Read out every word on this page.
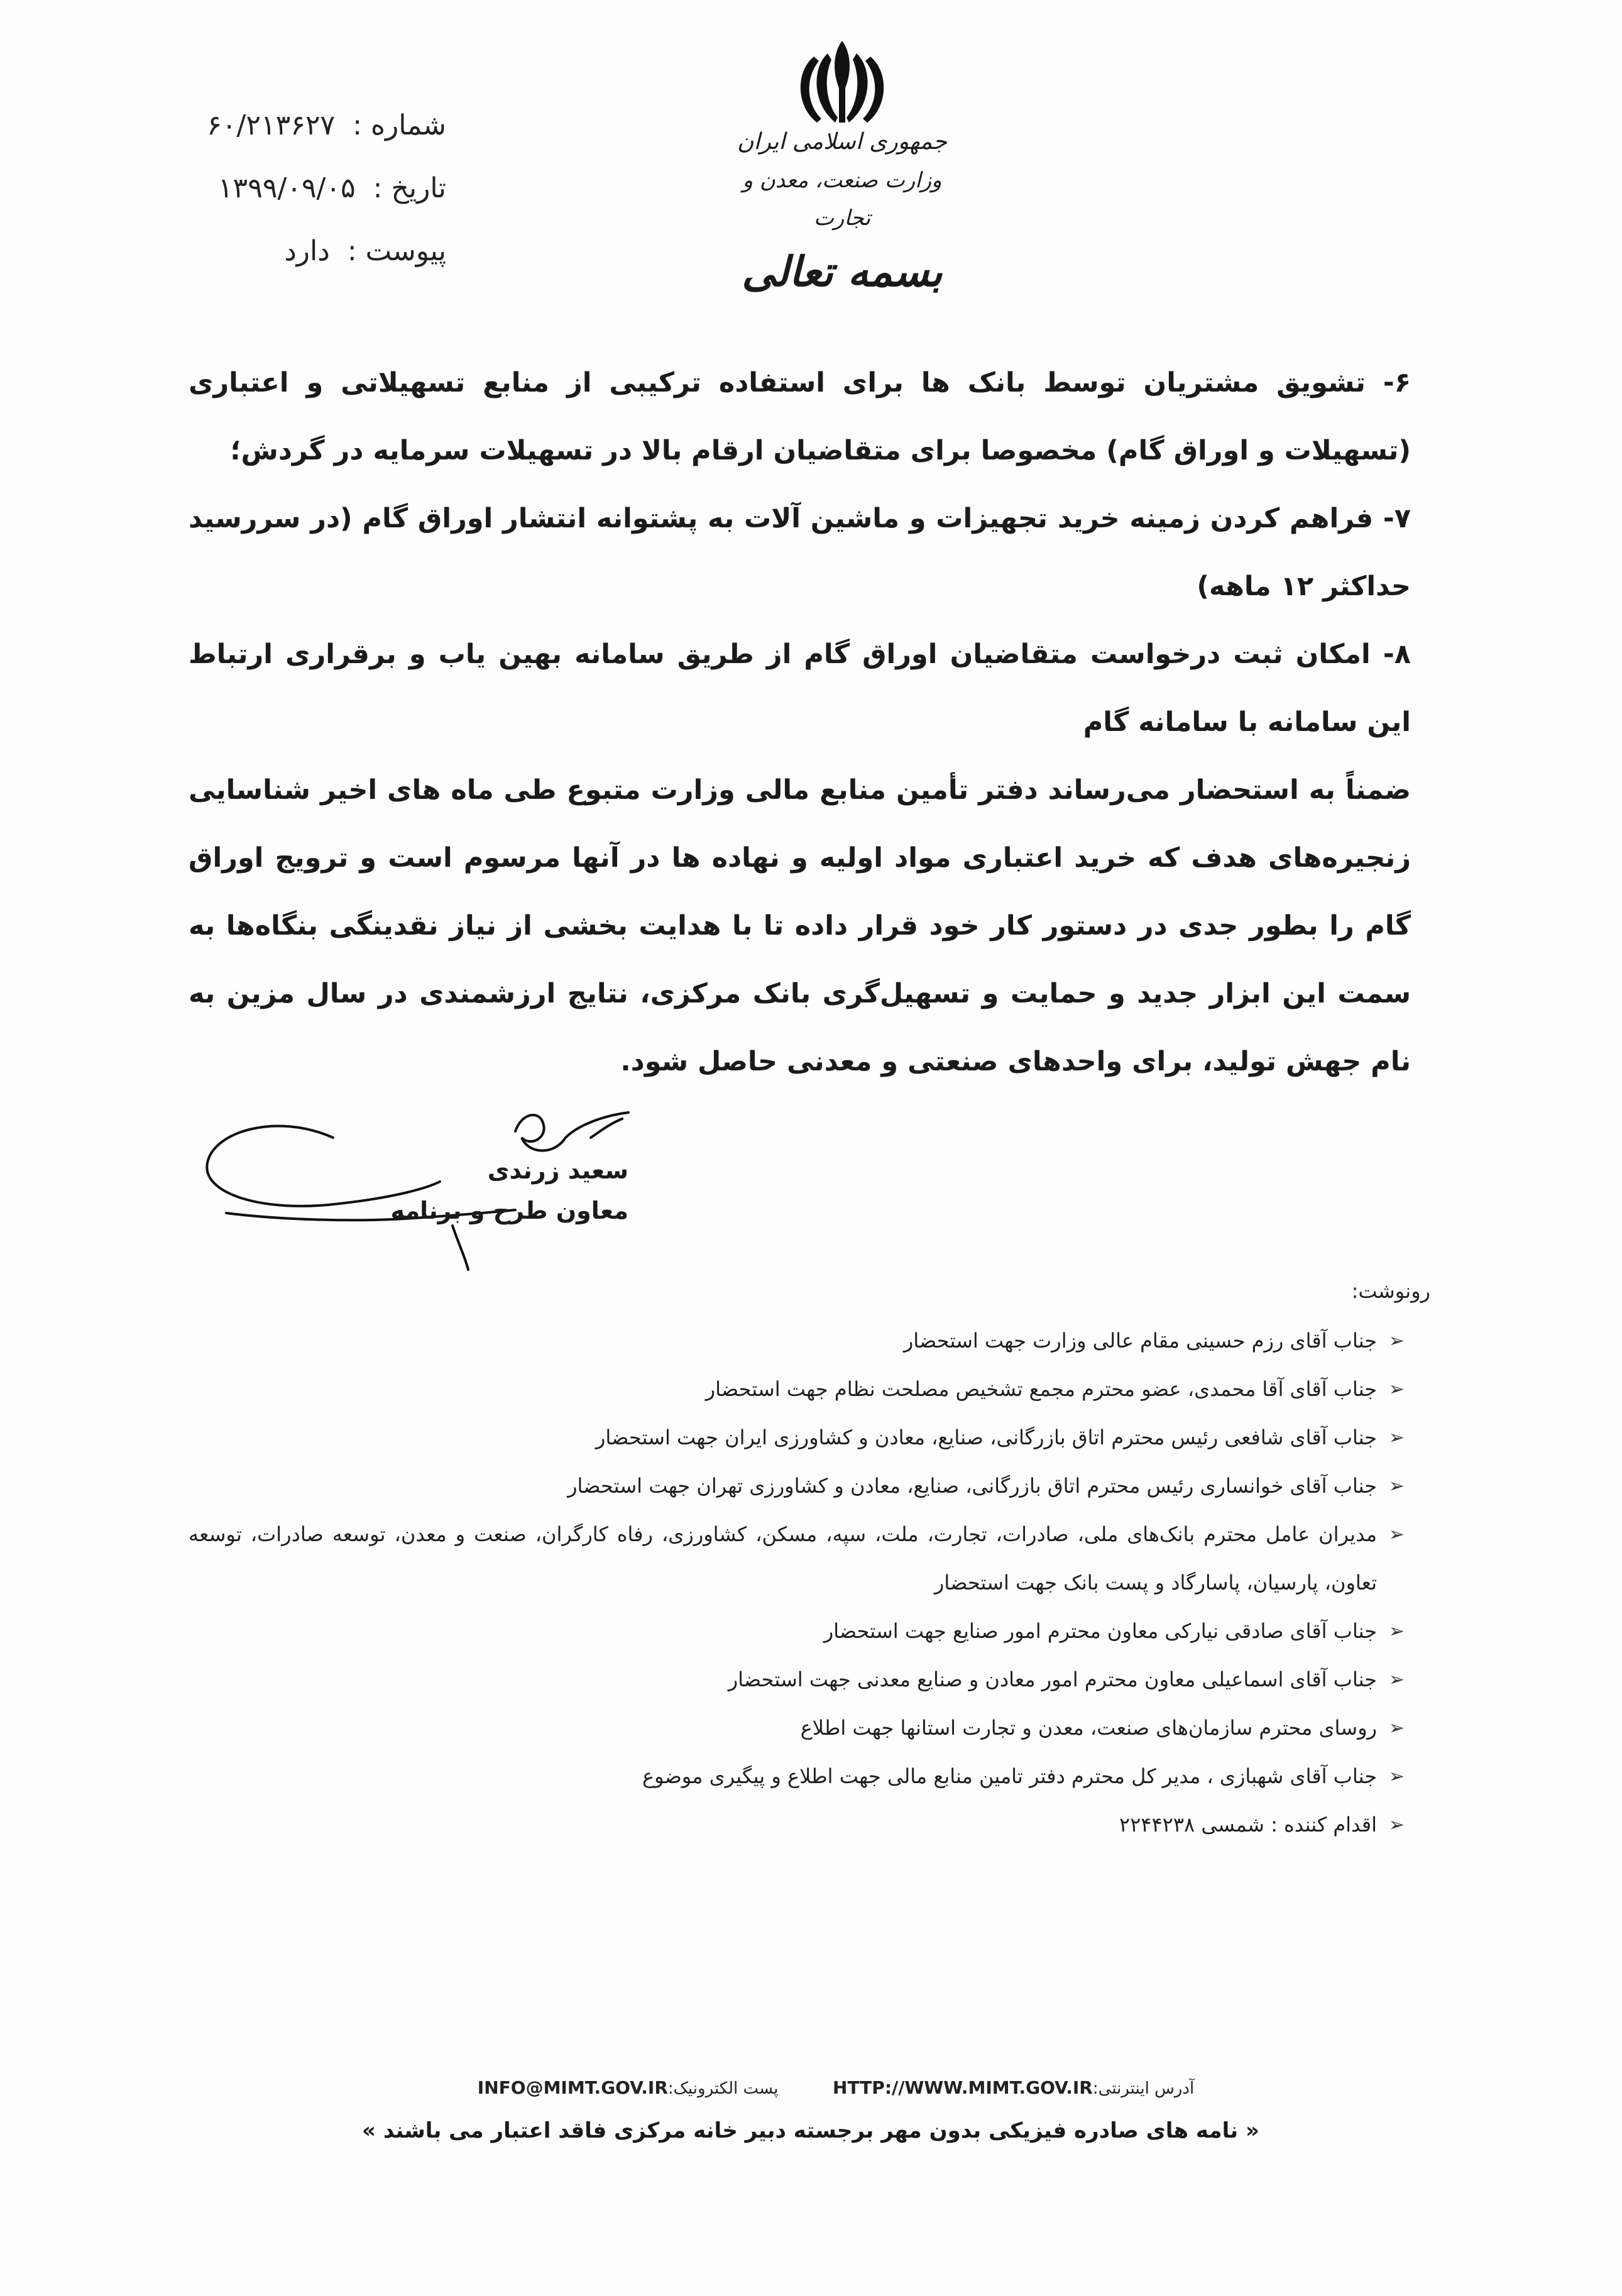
جمهوری اسلامی ایران
وزارت صنعت، معدن و تجارت
بسمه تعالی
شماره : ۶۰/۲۱۳۶۲۷
تاریخ : ۱۳۹۹/۰۹/۰۵
پیوست : دارد
۶- تشویق مشتریان توسط بانک ها برای استفاده ترکیبی از منابع تسهیلاتی و اعتباری (تسهیلات و اوراق گام) مخصوصا برای متقاضیان ارقام بالا در تسهیلات سرمایه در گردش؛
۷- فراهم کردن زمینه خرید تجهیزات و ماشین آلات به پشتوانه انتشار اوراق گام (در سررسید حداکثر ۱۲ ماهه)
۸- امکان ثبت درخواست متقاضیان اوراق گام از طریق سامانه بهین یاب و برقراری ارتباط این سامانه با سامانه گام
ضمناً به استحضار می‌رساند دفتر تأمین منابع مالی وزارت متبوع طی ماه های اخیر شناسایی زنجیره‌های هدف که خرید اعتباری مواد اولیه و نهاده ها در آنها مرسوم است و ترویج اوراق گام را بطور جدی در دستور کار خود قرار داده تا با هدایت بخشی از نیاز نقدینگی بنگاه‌ها به سمت این ابزار جدید و حمایت و تسهیل‌گری بانک مرکزی، نتایج ارزشمندی در سال مزین به نام جهش تولید، برای واحدهای صنعتی و معدنی حاصل شود.
سعید زرندی
معاون طرح و برنامه
رونوشت:
➢
جناب آقای رزم حسینی مقام عالی وزارت جهت استحضار
➢
جناب آقای آقا محمدی، عضو محترم مجمع تشخیص مصلحت نظام جهت استحضار
➢
جناب آقای شافعی رئیس محترم اتاق بازرگانی، صنایع، معادن و کشاورزی ایران جهت استحضار
➢
جناب آقای خوانساری رئیس محترم اتاق بازرگانی، صنایع، معادن و کشاورزی تهران جهت استحضار
➢
مدیران عامل محترم بانک‌های ملی، صادرات، تجارت، ملت، سپه، مسکن، کشاورزی، رفاه کارگران، صنعت و معدن، توسعه صادرات، توسعه تعاون، پارسیان، پاسارگاد و پست بانک جهت استحضار
➢
جناب آقای صادقی نیارکی معاون محترم امور صنایع جهت استحضار
➢
جناب آقای اسماعیلی معاون محترم امور معادن و صنایع معدنی جهت استحضار
➢
روسای محترم سازمان‌های صنعت، معدن و تجارت استانها جهت اطلاع
➢
جناب آقای شهبازی ، مدیر کل محترم دفتر تامین منابع مالی جهت اطلاع و پیگیری موضوع
➢
اقدام کننده : شمسی ۲۲۴۴۲۳۸
آدرس اینترنتی:HTTP://WWW.MIMT.GOV.IR  پست الکترونیک:INFO@MIMT.GOV.IR
« نامه های صادره فیزیکی بدون مهر برجسته دبیر خانه مرکزی فاقد اعتبار می باشند »
